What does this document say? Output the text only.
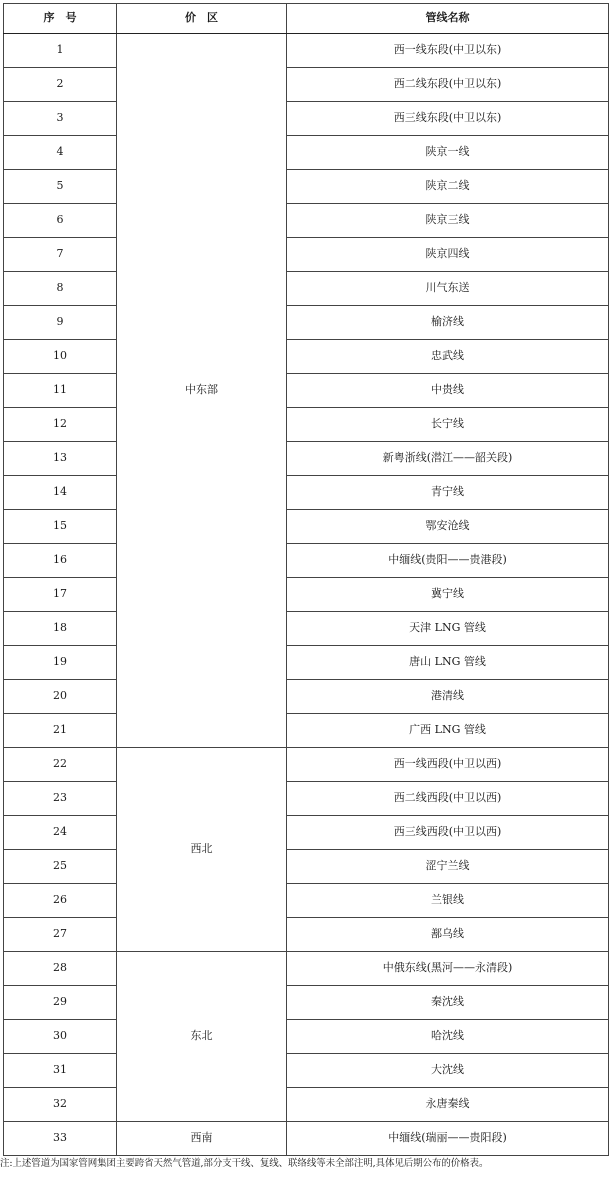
序　号	价　区	管线名称
1	中东部	西一线东段(中卫以东)
2		西二线东段(中卫以东)
3		西三线东段(中卫以东)
4		陕京一线
5		陕京二线
6		陕京三线
7		陕京四线
8		川气东送
9		榆济线
10		忠武线
11		中贵线
12		长宁线
13		新粤浙线(潜江——韶关段)
14		青宁线
15		鄂安沧线
16		中缅线(贵阳——贵港段)
17		冀宁线
18		天津 LNG 管线
19		唐山 LNG 管线
20		港清线
21		广西 LNG 管线
22	西北	西一线西段(中卫以西)
23		西二线西段(中卫以西)
24		西三线西段(中卫以西)
25		涩宁兰线
26		兰银线
27		鄯乌线
28	东北	中俄东线(黑河——永清段)
29		秦沈线
30		哈沈线
31		大沈线
32		永唐秦线
33	西南	中缅线(瑞丽——贵阳段)
注:上述管道为国家管网集团主要跨省天然气管道,部分支干线、复线、联络线等未全部注明,具体见后期公布的价格表。
